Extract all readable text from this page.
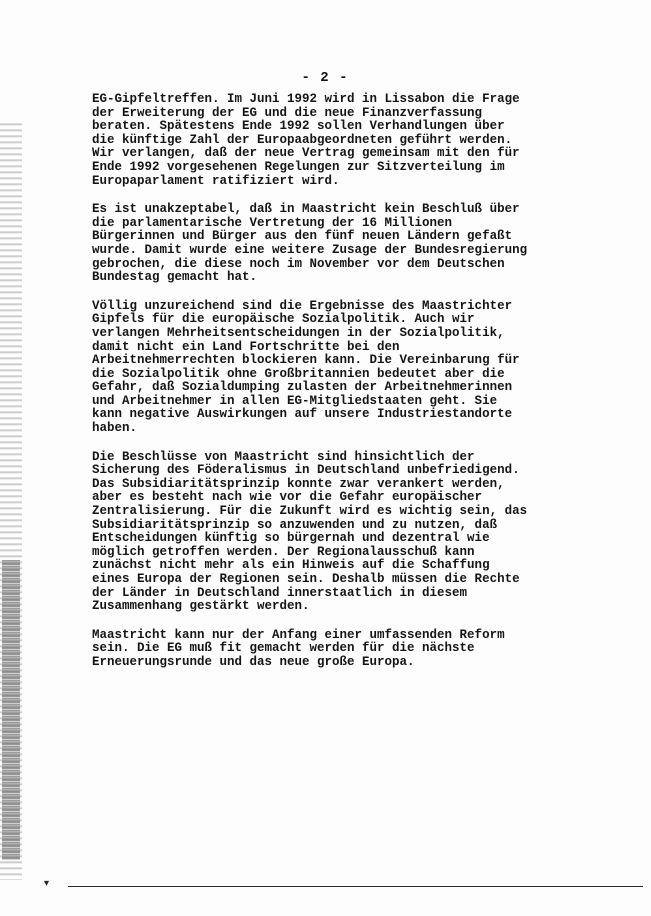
- 2 -

EG-Gipfeltreffen. Im Juni 1992 wird in Lissabon die Frage
der Erweiterung der EG und die neue Finanzverfassung
beraten. Spätestens Ende 1992 sollen Verhandlungen über
die künftige Zahl der Europaabgeordneten geführt werden.
Wir verlangen, daß der neue Vertrag gemeinsam mit den für
Ende 1992 vorgesehenen Regelungen zur Sitzverteilung im
Europaparlament ratifiziert wird.

Es ist unakzeptabel, daß in Maastricht kein Beschluß über
die parlamentarische Vertretung der 16 Millionen
Bürgerinnen und Bürger aus den fünf neuen Ländern gefaßt
wurde. Damit wurde eine weitere Zusage der Bundesregierung
gebrochen, die diese noch im November vor dem Deutschen
Bundestag gemacht hat.

Völlig unzureichend sind die Ergebnisse des Maastrichter
Gipfels für die europäische Sozialpolitik. Auch wir
verlangen Mehrheitsentscheidungen in der Sozialpolitik,
damit nicht ein Land Fortschritte bei den
Arbeitnehmerrechten blockieren kann. Die Vereinbarung für
die Sozialpolitik ohne Großbritannien bedeutet aber die
Gefahr, daß Sozialdumping zulasten der Arbeitnehmerinnen
und Arbeitnehmer in allen EG-Mitgliedstaaten geht. Sie
kann negative Auswirkungen auf unsere Industriestandorte
haben.

Die Beschlüsse von Maastricht sind hinsichtlich der
Sicherung des Föderalismus in Deutschland unbefriedigend.
Das Subsidiaritätsprinzip konnte zwar verankert werden,
aber es besteht nach wie vor die Gefahr europäischer
Zentralisierung. Für die Zukunft wird es wichtig sein, das
Subsidiaritätsprinzip so anzuwenden und zu nutzen, daß
Entscheidungen künftig so bürgernah und dezentral wie
möglich getroffen werden. Der Regionalausschuß kann
zunächst nicht mehr als ein Hinweis auf die Schaffung
eines Europa der Regionen sein. Deshalb müssen die Rechte
der Länder in Deutschland innerstaatlich in diesem
Zusammenhang gestärkt werden.

Maastricht kann nur der Anfang einer umfassenden Reform
sein. Die EG muß fit gemacht werden für die nächste
Erneuerungsrunde und das neue große Europa.

▾
